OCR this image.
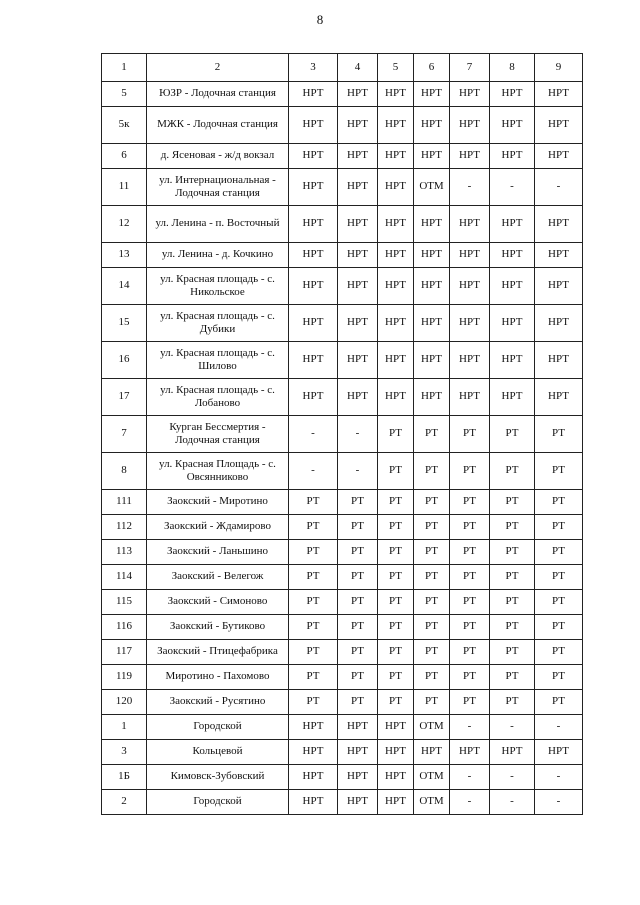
8
1	2	3	4	5	6	7	8	9
5	ЮЗР - Лодочная станция	НРТ	НРТ	НРТ	НРТ	НРТ	НРТ	НРТ
5к	МЖК - Лодочная станция	НРТ	НРТ	НРТ	НРТ	НРТ	НРТ	НРТ
6	д. Ясеновая - ж/д вокзал	НРТ	НРТ	НРТ	НРТ	НРТ	НРТ	НРТ
11	ул. Интернациональная - Лодочная станция	НРТ	НРТ	НРТ	ОТМ	-	-	-
12	ул. Ленина - п. Восточный	НРТ	НРТ	НРТ	НРТ	НРТ	НРТ	НРТ
13	ул. Ленина - д. Кочкино	НРТ	НРТ	НРТ	НРТ	НРТ	НРТ	НРТ
14	ул. Красная площадь - с. Никольское	НРТ	НРТ	НРТ	НРТ	НРТ	НРТ	НРТ
15	ул. Красная площадь - с. Дубики	НРТ	НРТ	НРТ	НРТ	НРТ	НРТ	НРТ
16	ул. Красная площадь - с. Шилово	НРТ	НРТ	НРТ	НРТ	НРТ	НРТ	НРТ
17	ул. Красная площадь - с. Лобаново	НРТ	НРТ	НРТ	НРТ	НРТ	НРТ	НРТ
7	Курган Бессмертия - Лодочная станция	-	-	РТ	РТ	РТ	РТ	РТ
8	ул. Красная Площадь - с. Овсянниково	-	-	РТ	РТ	РТ	РТ	РТ
111	Заокский - Миротино	РТ	РТ	РТ	РТ	РТ	РТ	РТ
112	Заокский - Ждамирово	РТ	РТ	РТ	РТ	РТ	РТ	РТ
113	Заокский - Ланьшино	РТ	РТ	РТ	РТ	РТ	РТ	РТ
114	Заокский - Велегож	РТ	РТ	РТ	РТ	РТ	РТ	РТ
115	Заокский - Симоново	РТ	РТ	РТ	РТ	РТ	РТ	РТ
116	Заокский - Бутиково	РТ	РТ	РТ	РТ	РТ	РТ	РТ
117	Заокский - Птицефабрика	РТ	РТ	РТ	РТ	РТ	РТ	РТ
119	Миротино - Пахомово	РТ	РТ	РТ	РТ	РТ	РТ	РТ
120	Заокский - Русятино	РТ	РТ	РТ	РТ	РТ	РТ	РТ
1	Городской	НРТ	НРТ	НРТ	ОТМ	-	-	-
3	Кольцевой	НРТ	НРТ	НРТ	НРТ	НРТ	НРТ	НРТ
1Б	Кимовск-Зубовский	НРТ	НРТ	НРТ	ОТМ	-	-	-
2	Городской	НРТ	НРТ	НРТ	ОТМ	-	-	-
